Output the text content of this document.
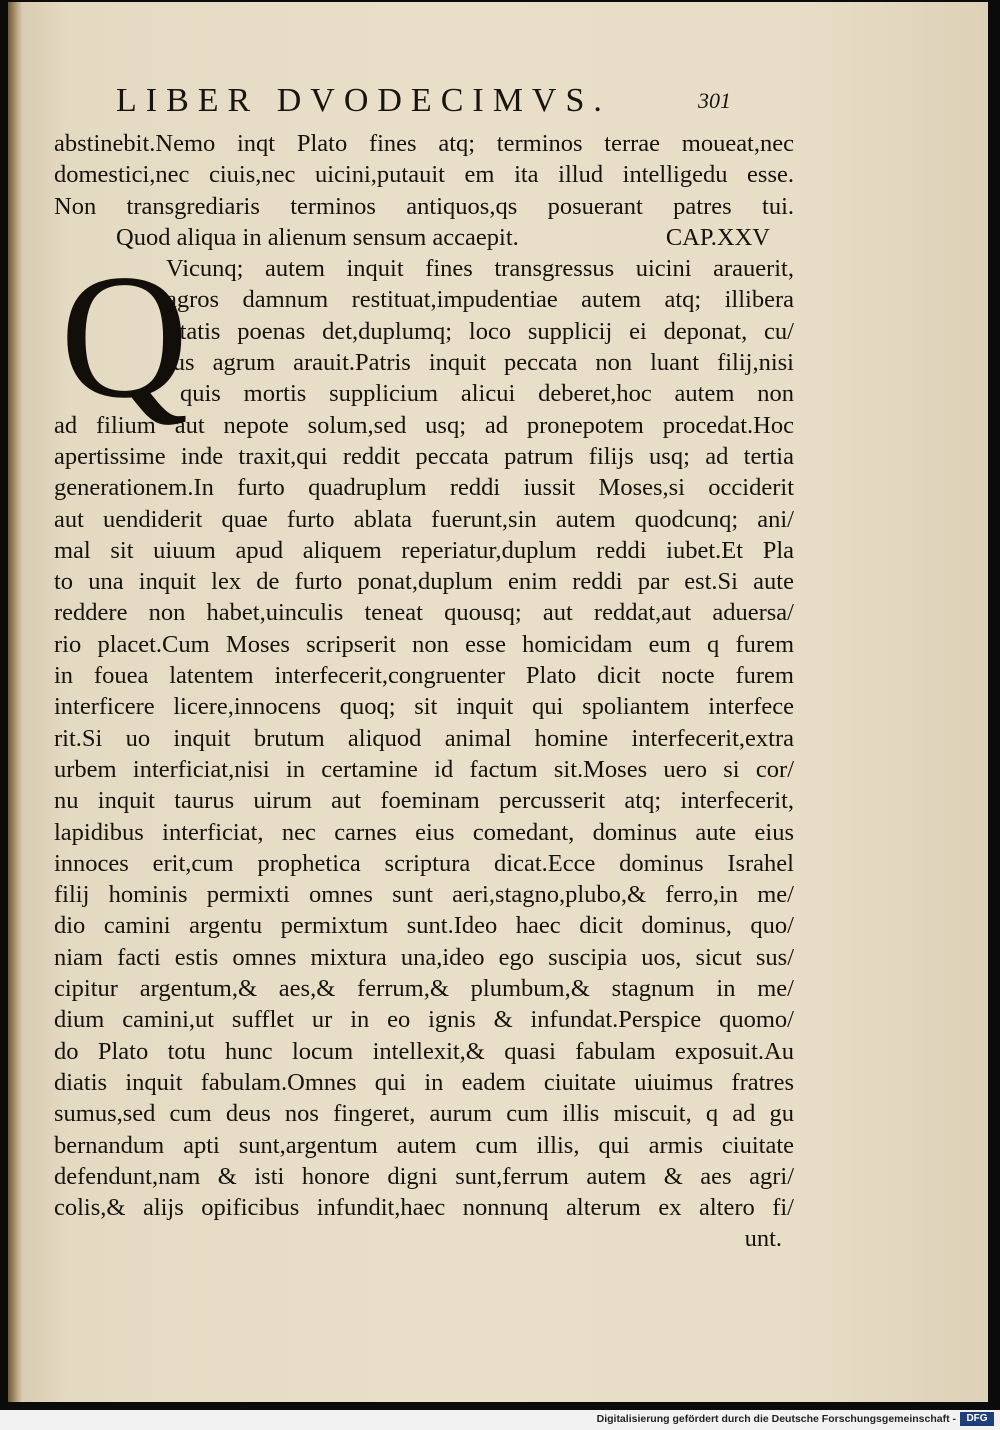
LIBER DVODECIMVS.	301
abstinebit.Nemo inqt Plato fines atq; terminos terrae moueat,nec
domestici,nec ciuis,nec uicini,putauit em ita illud intelligedu esse.
Non transgrediaris terminos antiquos,qs posuerant patres tui.
Quod aliqua in alienum sensum accaepit.	CAP.XXV
Q
Vicunq; autem inquit fines transgressus uicini arauerit,
agros damnum restituat,impudentiae autem atq; illibera
litatis poenas det,duplumq; loco supplicij ei deponat, cu/
ius agrum arauit.Patris inquit peccata non luant filij,nisi
quis mortis supplicium alicui deberet,hoc autem non
ad filium aut nepote solum,sed usq; ad pronepotem procedat.Hoc
apertissime inde traxit,qui reddit peccata patrum filijs usq; ad tertia
generationem.In furto quadruplum reddi iussit Moses,si occiderit
aut uendiderit quae furto ablata fuerunt,sin autem quodcunq; ani/
mal sit uiuum apud aliquem reperiatur,duplum reddi iubet.Et Pla
to una inquit lex de furto ponat,duplum enim reddi par est.Si aute
reddere non habet,uinculis teneat quousq; aut reddat,aut aduersa/
rio placet.Cum Moses scripserit non esse homicidam eum q furem
in fouea latentem interfecerit,congruenter Plato dicit nocte furem
interficere licere,innocens quoq; sit inquit qui spoliantem interfece
rit.Si uo inquit brutum aliquod animal homine interfecerit,extra
urbem interficiat,nisi in certamine id factum sit.Moses uero si cor/
nu inquit taurus uirum aut foeminam percusserit atq; interfecerit,
lapidibus interficiat, nec carnes eius comedant, dominus aute eius
innoces erit,cum prophetica scriptura dicat.Ecce dominus Israhel
filij hominis permixti omnes sunt aeri,stagno,plubo,& ferro,in me/
dio camini argentu permixtum sunt.Ideo haec dicit dominus, quo/
niam facti estis omnes mixtura una,ideo ego suscipia uos, sicut sus/
cipitur argentum,& aes,& ferrum,& plumbum,& stagnum in me/
dium camini,ut sufflet ur in eo ignis & infundat.Perspice quomo/
do Plato totu hunc locum intellexit,& quasi fabulam exposuit.Au
diatis inquit fabulam.Omnes qui in eadem ciuitate uiuimus fratres
sumus,sed cum deus nos fingeret, aurum cum illis miscuit, q ad gu
bernandum apti sunt,argentum autem cum illis, qui armis ciuitate
defendunt,nam & isti honore digni sunt,ferrum autem & aes agri/
colis,& alijs opificibus infundit,haec nonnunq alterum ex altero fi/
unt.
Digitalisierung gefördert durch die Deutsche Forschungsgemeinschaft -	DFG
